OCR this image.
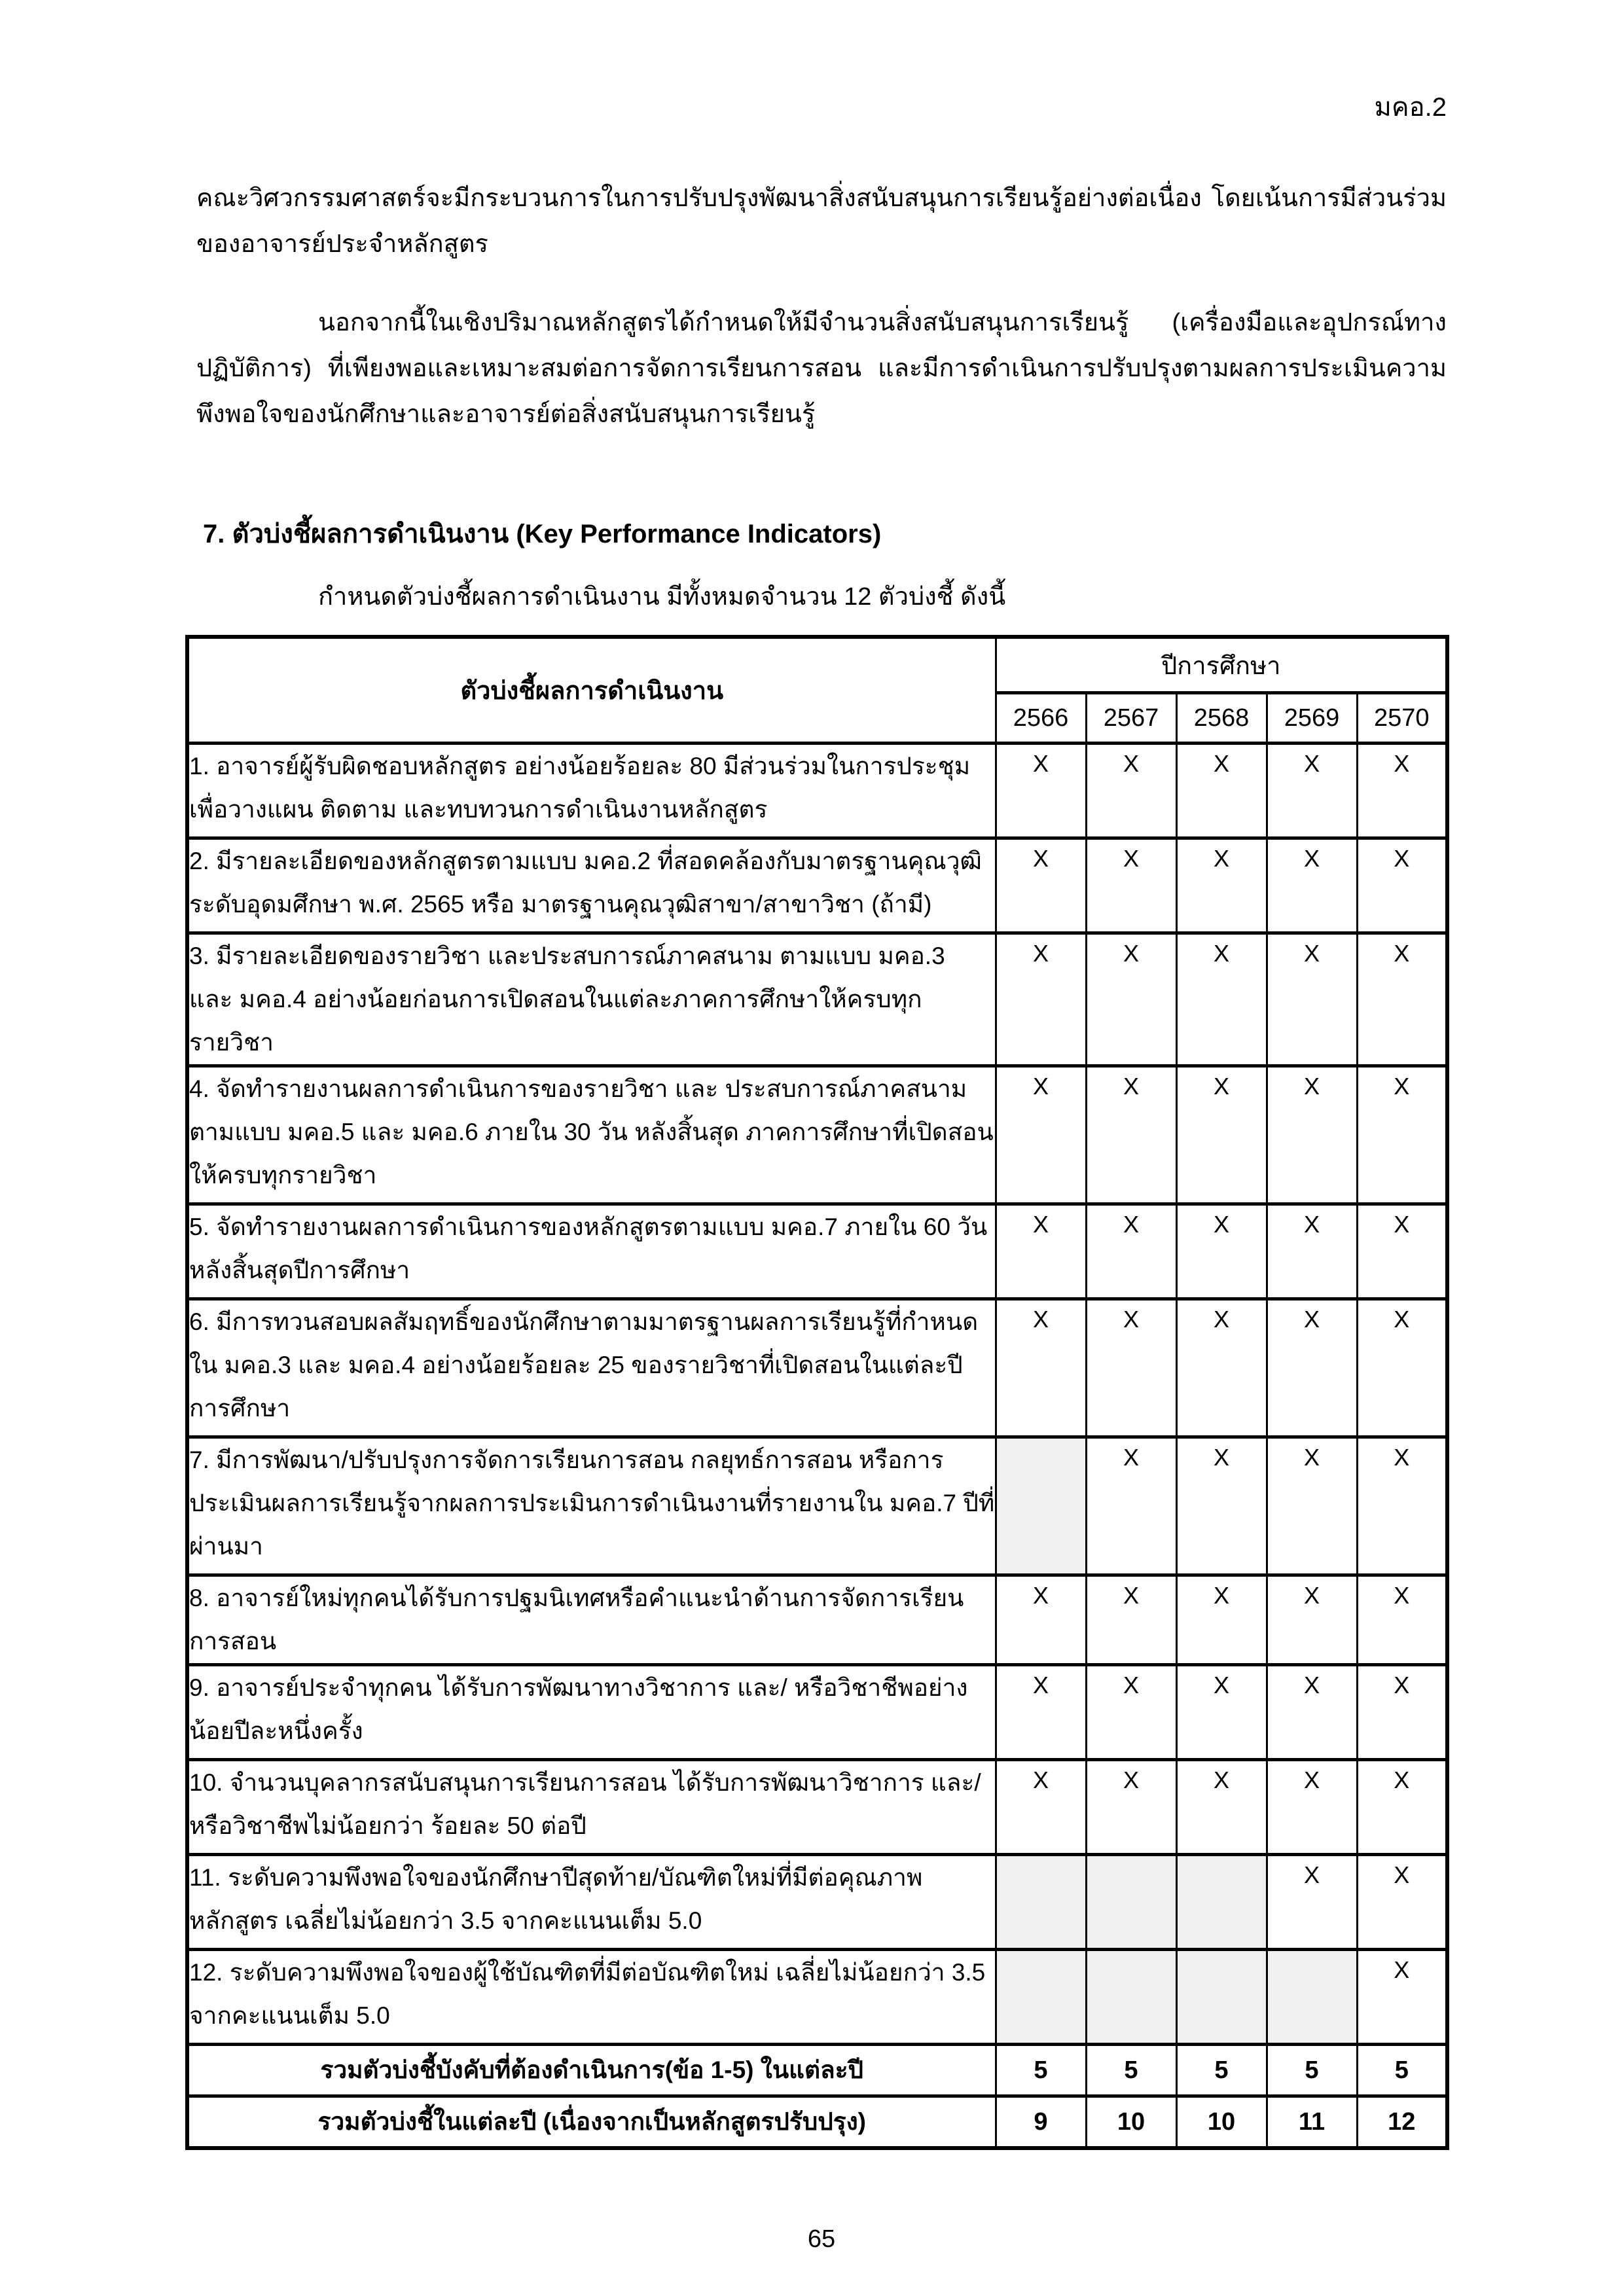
มคอ.2

คณะวิศวกรรมศาสตร์จะมีกระบวนการในการปรับปรุงพัฒนาสิ่งสนับสนุนการเรียนรู้อย่างต่อเนื่อง โดยเน้นการมีส่วนร่วมของอาจารย์ประจำหลักสูตร

นอกจากนี้ในเชิงปริมาณหลักสูตรได้กำหนดให้มีจำนวนสิ่งสนับสนุนการเรียนรู้ (เครื่องมือและอุปกรณ์ทางปฏิบัติการ) ที่เพียงพอและเหมาะสมต่อการจัดการเรียนการสอน และมีการดำเนินการปรับปรุงตามผลการประเมินความพึงพอใจของนักศึกษาและอาจารย์ต่อสิ่งสนับสนุนการเรียนรู้

7. ตัวบ่งชี้ผลการดำเนินงาน (Key Performance Indicators)
กำหนดตัวบ่งชี้ผลการดำเนินงาน มีทั้งหมดจำนวน 12 ตัวบ่งชี้ ดังนี้
ตัวบ่งชี้ผลการดำเนินงาน	ปีการศึกษา				
	2566	2567	2568	2569	2570
1. อาจารย์ผู้รับผิดชอบหลักสูตร อย่างน้อยร้อยละ 80 มีส่วนร่วมในการประชุมเพื่อวางแผน ติดตาม และทบทวนการดำเนินงานหลักสูตร	X	X	X	X	X
2. มีรายละเอียดของหลักสูตรตามแบบ มคอ.2 ที่สอดคล้องกับมาตรฐานคุณวุฒิระดับอุดมศึกษา พ.ศ. 2565 หรือ มาตรฐานคุณวุฒิสาขา/สาขาวิชา (ถ้ามี)	X	X	X	X	X
3. มีรายละเอียดของรายวิชา และประสบการณ์ภาคสนาม ตามแบบ มคอ.3 และ มคอ.4 อย่างน้อยก่อนการเปิดสอนในแต่ละภาคการศึกษาให้ครบทุกรายวิชา	X	X	X	X	X
4. จัดทำรายงานผลการดำเนินการของรายวิชา และ ประสบการณ์ภาคสนาม ตามแบบ มคอ.5 และ มคอ.6 ภายใน 30 วัน หลังสิ้นสุด ภาคการศึกษาที่เปิดสอนให้ครบทุกรายวิชา	X	X	X	X	X
5. จัดทำรายงานผลการดำเนินการของหลักสูตรตามแบบ มคอ.7 ภายใน 60 วัน หลังสิ้นสุดปีการศึกษา	X	X	X	X	X
6. มีการทวนสอบผลสัมฤทธิ์ของนักศึกษาตามมาตรฐานผลการเรียนรู้ที่กำหนดใน มคอ.3 และ มคอ.4 อย่างน้อยร้อยละ 25 ของรายวิชาที่เปิดสอนในแต่ละปีการศึกษา	X	X	X	X	X
7. มีการพัฒนา/ปรับปรุงการจัดการเรียนการสอน กลยุทธ์การสอน หรือการประเมินผลการเรียนรู้จากผลการประเมินการดำเนินงานที่รายงานใน มคอ.7 ปีที่ผ่านมา		X	X	X	X
8. อาจารย์ใหม่ทุกคนได้รับการปฐมนิเทศหรือคำแนะนำด้านการจัดการเรียนการสอน	X	X	X	X	X
9. อาจารย์ประจำทุกคน ได้รับการพัฒนาทางวิชาการ และ/ หรือวิชาชีพอย่างน้อยปีละหนึ่งครั้ง	X	X	X	X	X
10. จำนวนบุคลากรสนับสนุนการเรียนการสอน ได้รับการพัฒนาวิชาการ และ/หรือวิชาชีพไม่น้อยกว่า ร้อยละ 50 ต่อปี	X	X	X	X	X
11. ระดับความพึงพอใจของนักศึกษาปีสุดท้าย/บัณฑิตใหม่ที่มีต่อคุณภาพหลักสูตร เฉลี่ยไม่น้อยกว่า 3.5 จากคะแนนเต็ม 5.0				X	X
12. ระดับความพึงพอใจของผู้ใช้บัณฑิตที่มีต่อบัณฑิตใหม่ เฉลี่ยไม่น้อยกว่า 3.5 จากคะแนนเต็ม 5.0					X
รวมตัวบ่งชี้บังคับที่ต้องดำเนินการ(ข้อ 1-5) ในแต่ละปี	5	5	5	5	5
รวมตัวบ่งชี้ในแต่ละปี (เนื่องจากเป็นหลักสูตรปรับปรุง)	9	10	10	11	12
65
